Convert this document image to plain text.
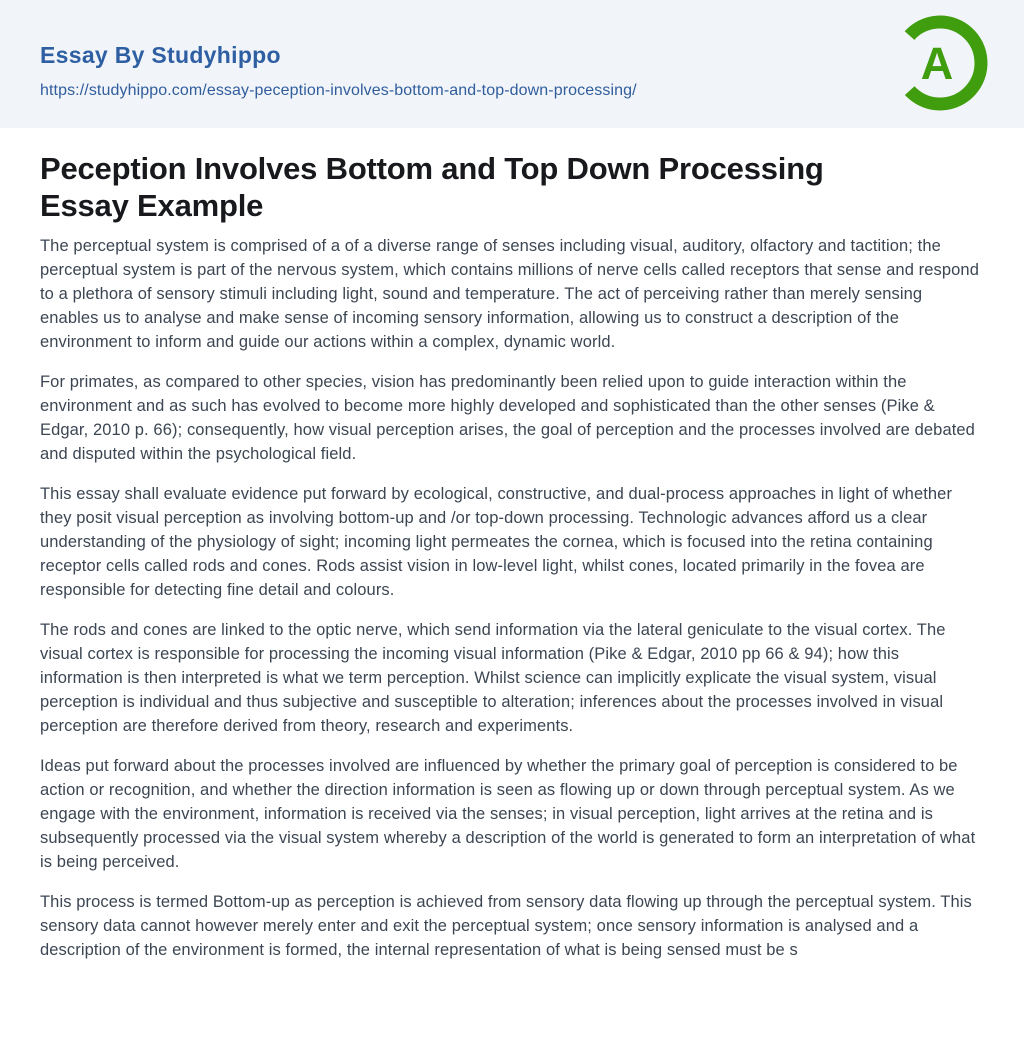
Essay By Studyhippo
https://studyhippo.com/essay-peception-involves-bottom-and-top-down-processing/
A
Peception Involves Bottom and Top Down Processing Essay Example

The perceptual system is comprised of a of a diverse range of senses including visual, auditory, olfactory and tactition; the perceptual system is part of the nervous system, which contains millions of nerve cells called receptors that sense and respond to a plethora of sensory stimuli including light, sound and temperature. The act of perceiving rather than merely sensing enables us to analyse and make sense of incoming sensory information, allowing us to construct a description of the environment to inform and guide our actions within a complex, dynamic world.

For primates, as compared to other species, vision has predominantly been relied upon to guide interaction within the environment and as such has evolved to become more highly developed and sophisticated than the other senses (Pike & Edgar, 2010 p. 66); consequently, how visual perception arises, the goal of perception and the processes involved are debated and disputed within the psychological field.

This essay shall evaluate evidence put forward by ecological, constructive, and dual-process approaches in light of whether they posit visual perception as involving bottom-up and /or top-down processing. Technologic advances afford us a clear understanding of the physiology of sight; incoming light permeates the cornea, which is focused into the retina containing receptor cells called rods and cones. Rods assist vision in low-level light, whilst cones, located primarily in the fovea are responsible for detecting fine detail and colours.

The rods and cones are linked to the optic nerve, which send information via the lateral geniculate to the visual cortex. The visual cortex is responsible for processing the incoming visual information (Pike & Edgar, 2010 pp 66 & 94); how this information is then interpreted is what we term perception. Whilst science can implicitly explicate the visual system, visual perception is individual and thus subjective and susceptible to alteration; inferences about the processes involved in visual perception are therefore derived from theory, research and experiments.

Ideas put forward about the processes involved are influenced by whether the primary goal of perception is considered to be action or recognition, and whether the direction information is seen as flowing up or down through perceptual system. As we engage with the environment, information is received via the senses; in visual perception, light arrives at the retina and is subsequently processed via the visual system whereby a description of the world is generated to form an interpretation of what is being perceived.

This process is termed Bottom-up as perception is achieved from sensory data flowing up through the perceptual system. This sensory data cannot however merely enter and exit the perceptual system; once sensory information is analysed and a description of the environment is formed, the internal representation of what is being sensed must be s
